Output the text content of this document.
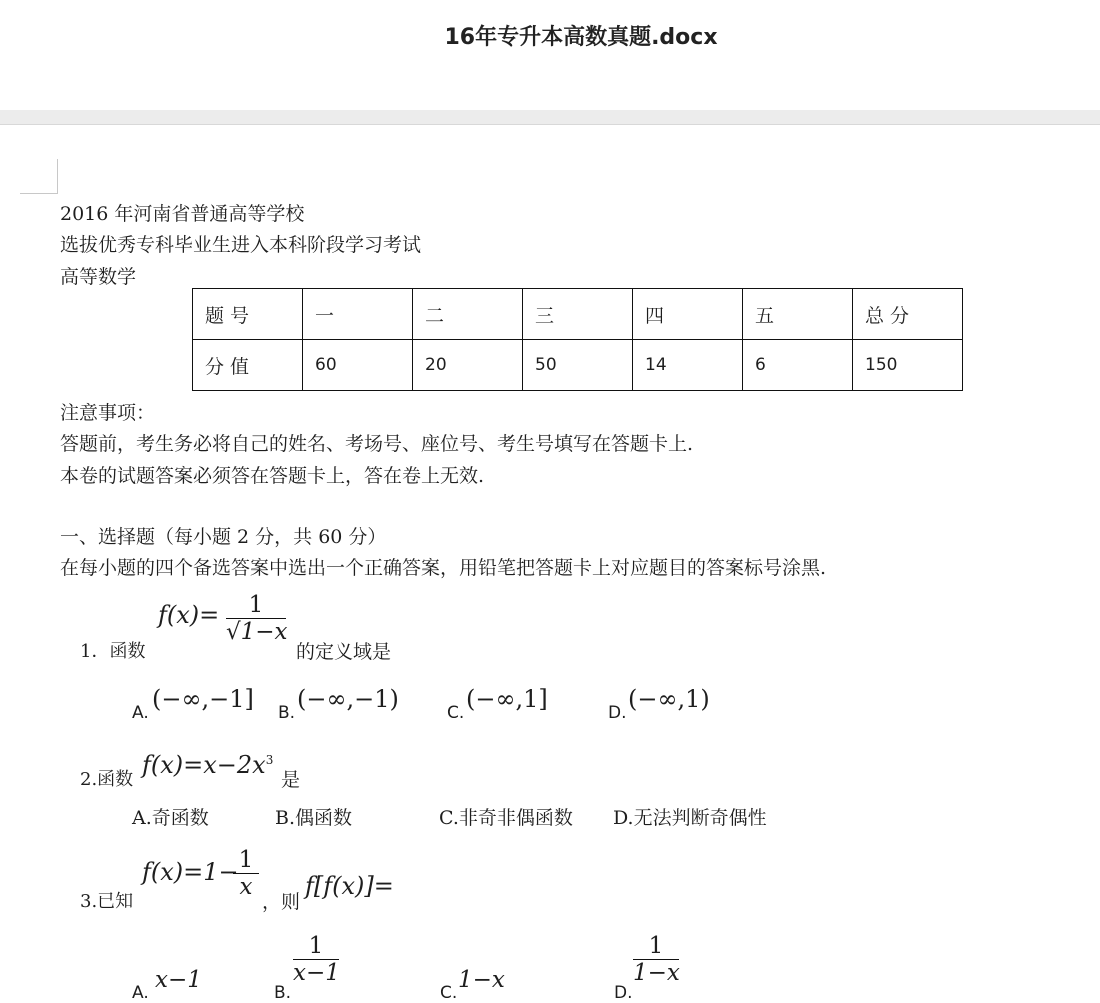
16年专升本高数真题.docx
2016 年河南省普通高等学校
选拔优秀专科毕业生进入本科阶段学习考试
高等数学
题 号	一	二	三	四	五	总 分
分 值	60	20	50	14	6	150
注意事项：
答题前，考生务必将自己的姓名、考场号、座位号、考生号填写在答题卡上.
本卷的试题答案必须答在答题卡上，答在卷上无效.
一、选择题（每小题 2 分，共 60 分）
在每小题的四个备选答案中选出一个正确答案，用铅笔把答题卡上对应题目的答案标号涂黑.
1．函数
$f(x)= \frac{1}{√1-x}$
的定义域是
A. (−∞,−1] B. (−∞,−1)	C. (−∞,1]	D. (−∞,1)
2.函数
$f(x)=x-2x^3$
是
A.奇函数	B.偶函数	C.非奇非偶函数 D.无法判断奇偶性
3.已知
f(x)=1−
$\frac{1}{x}$
，则
f[f(x)]=
A. x−1	B.
$\frac{1}{x-1}$
C. 1−x	D.
$\frac{1}{1-x}$
